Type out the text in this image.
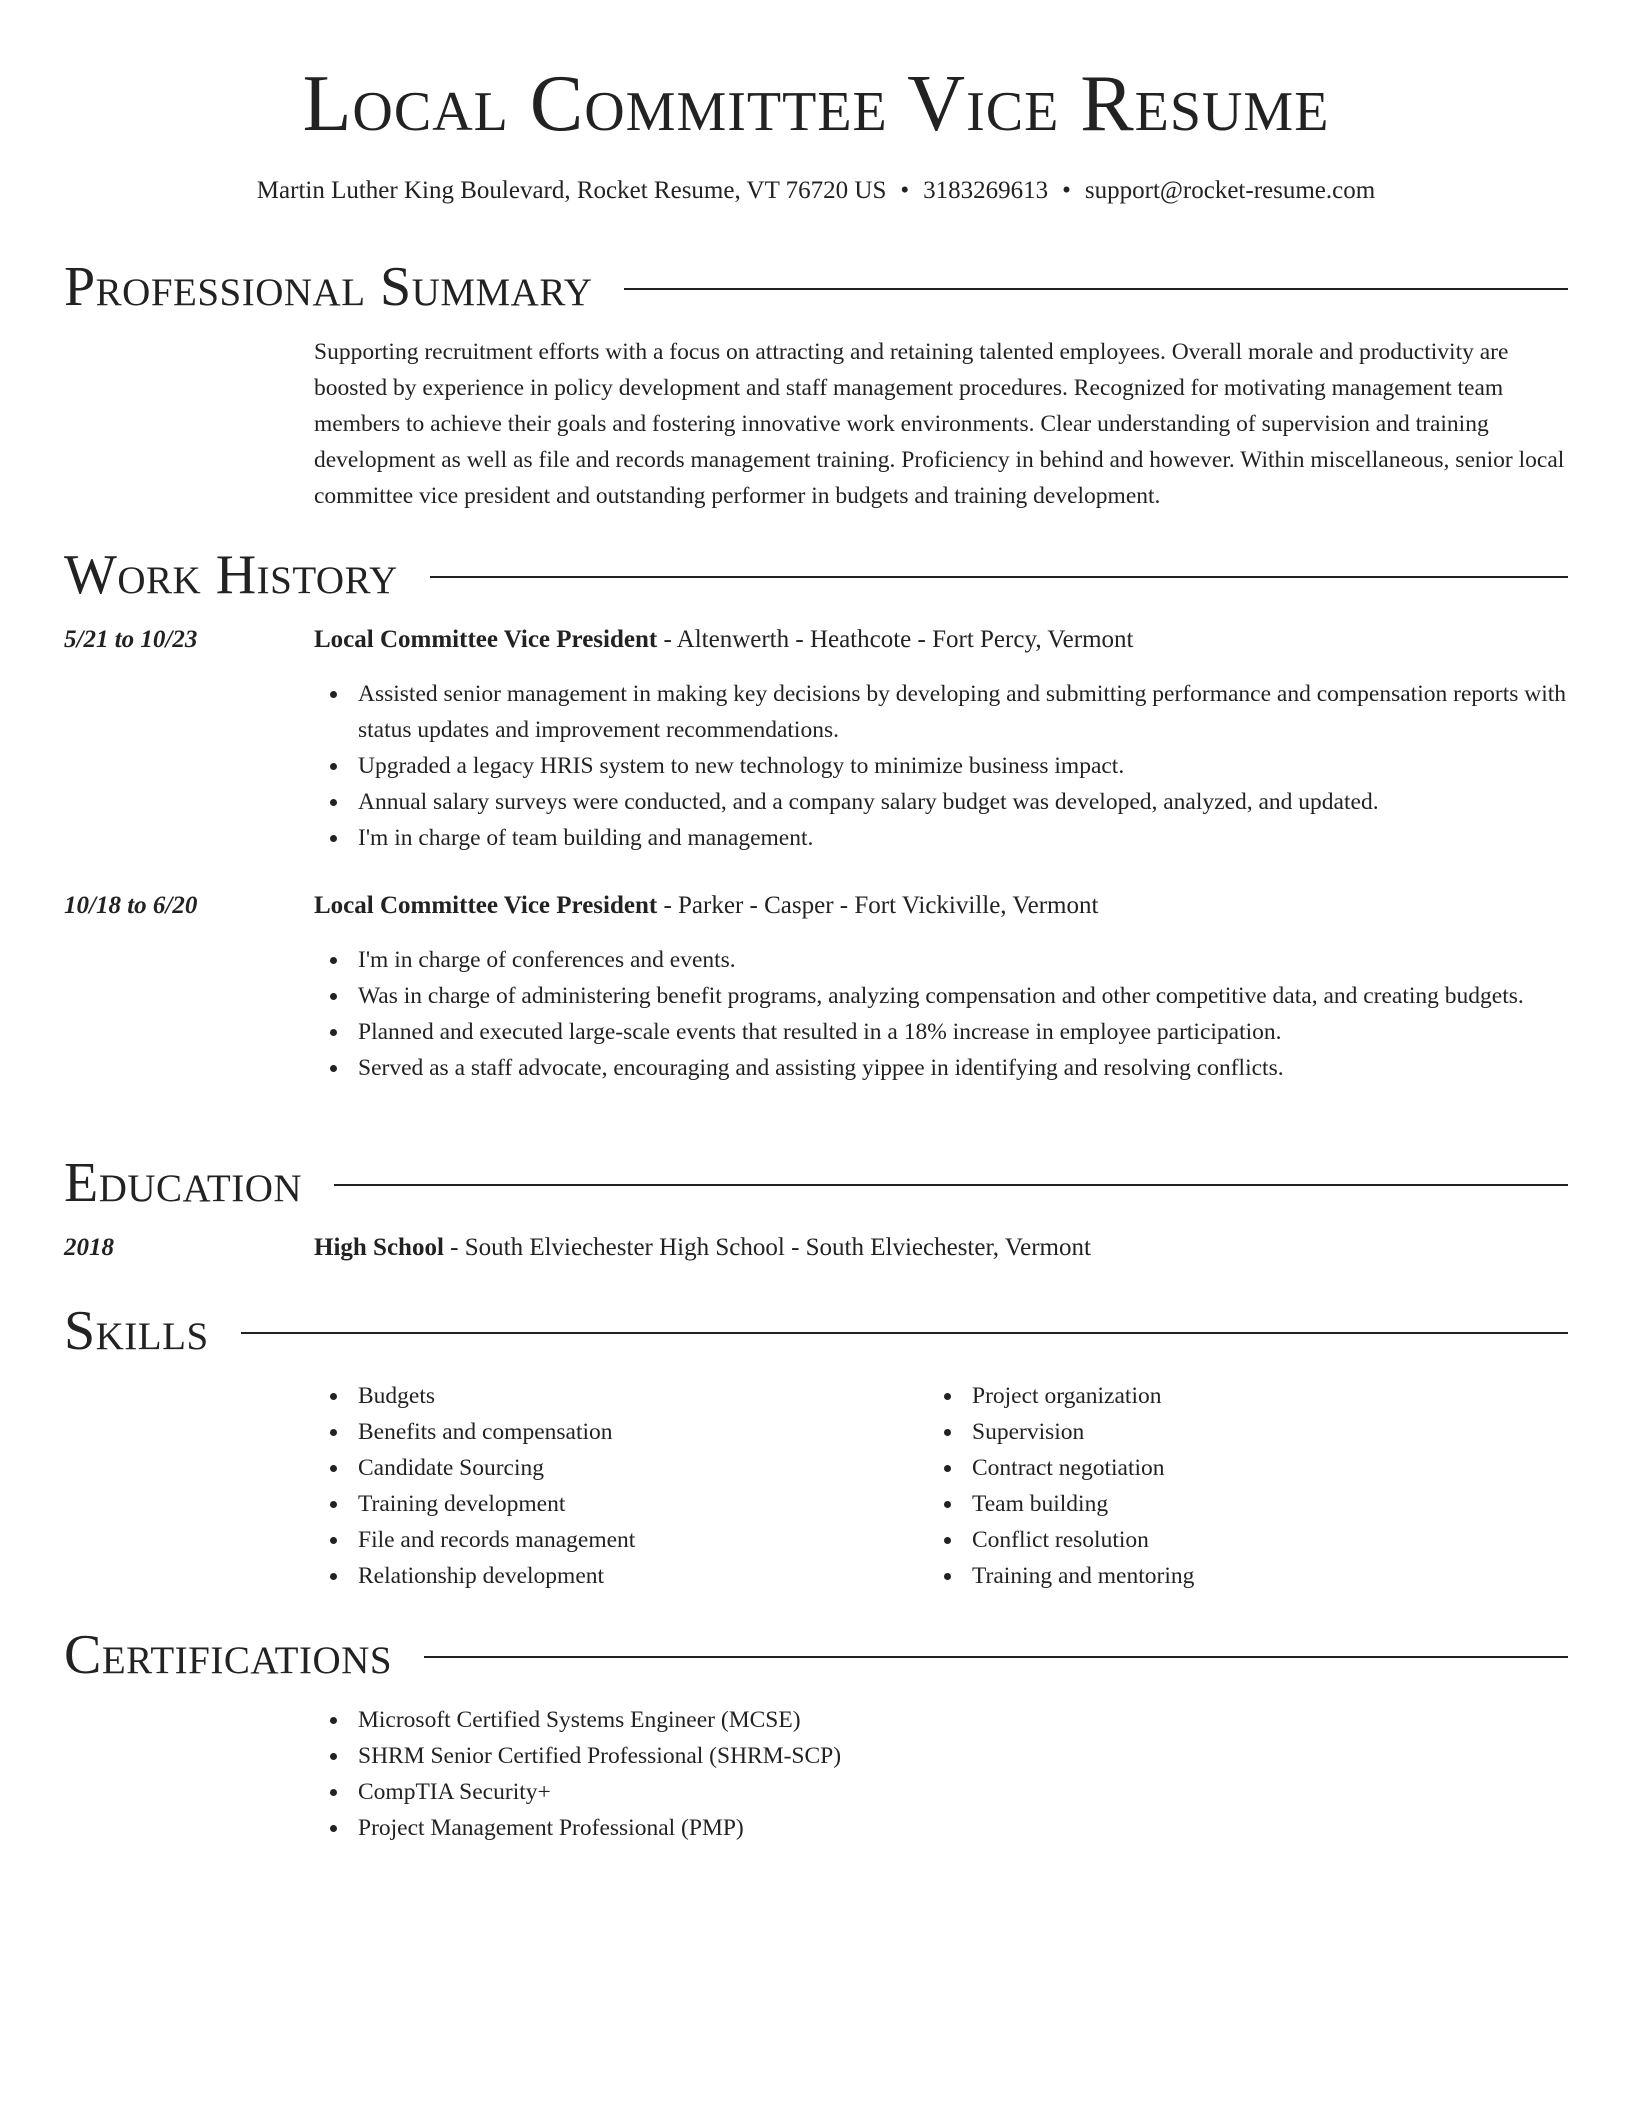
Local Committee Vice Resume
Martin Luther King Boulevard, Rocket Resume, VT 76720 US • 3183269613 • support@rocket-resume.com
Professional Summary
Supporting recruitment efforts with a focus on attracting and retaining talented employees. Overall morale and productivity are boosted by experience in policy development and staff management procedures. Recognized for motivating management team members to achieve their goals and fostering innovative work environments. Clear understanding of supervision and training development as well as file and records management training. Proficiency in behind and however. Within miscellaneous, senior local committee vice president and outstanding performer in budgets and training development.
Work History
5/21 to 10/23	Local Committee Vice President - Altenwerth - Heathcote - Fort Percy, Vermont
Assisted senior management in making key decisions by developing and submitting performance and compensation reports with status updates and improvement recommendations.
Upgraded a legacy HRIS system to new technology to minimize business impact.
Annual salary surveys were conducted, and a company salary budget was developed, analyzed, and updated.
I'm in charge of team building and management.
10/18 to 6/20	Local Committee Vice President - Parker - Casper - Fort Vickiville, Vermont
I'm in charge of conferences and events.
Was in charge of administering benefit programs, analyzing compensation and other competitive data, and creating budgets.
Planned and executed large-scale events that resulted in a 18% increase in employee participation.
Served as a staff advocate, encouraging and assisting yippee in identifying and resolving conflicts.
Education
2018	High School - South Elviechester High School - South Elviechester, Vermont
Skills
Budgets
Benefits and compensation
Candidate Sourcing
Training development
File and records management
Relationship development
Project organization
Supervision
Contract negotiation
Team building
Conflict resolution
Training and mentoring
Certifications
Microsoft Certified Systems Engineer (MCSE)
SHRM Senior Certified Professional (SHRM-SCP)
CompTIA Security+
Project Management Professional (PMP)
